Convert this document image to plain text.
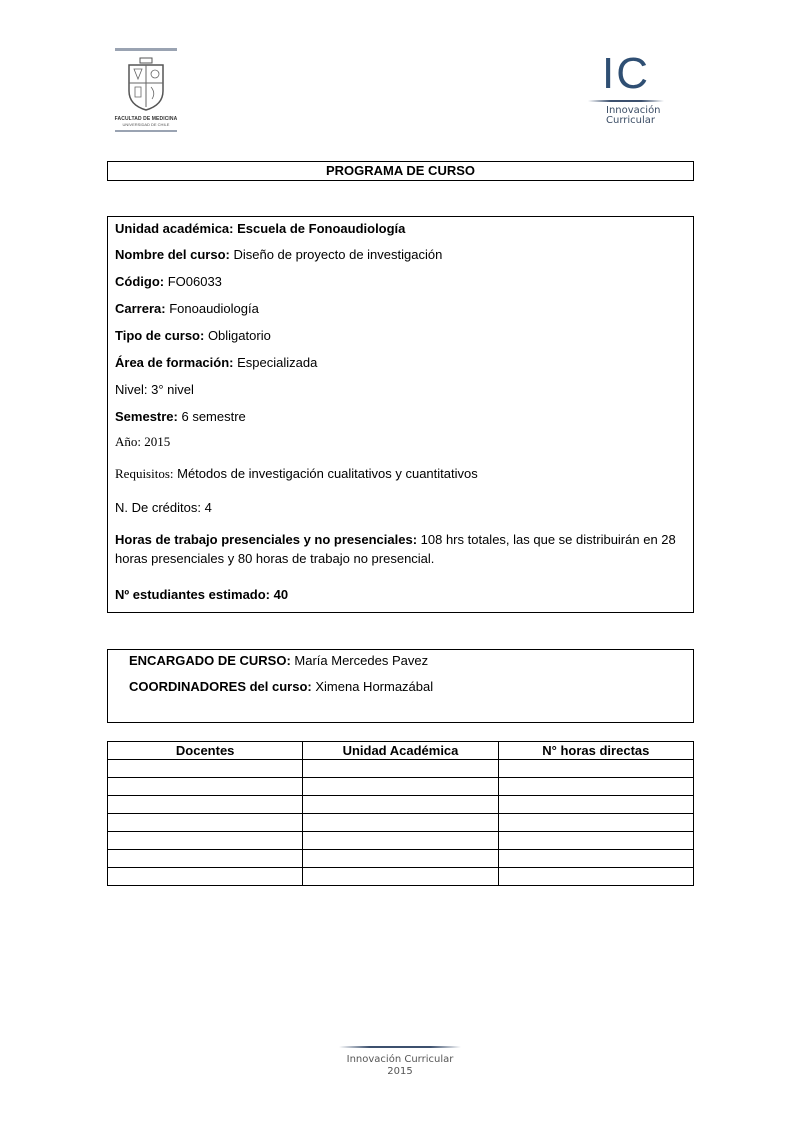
FACULTAD DE MEDICINA
UNIVERSIDAD DE CHILE
IC
Innovación
Curricular
PROGRAMA DE CURSO
Unidad académica: Escuela de Fonoaudiología
Nombre del curso: Diseño de proyecto de investigación
Código: FO06033
Carrera: Fonoaudiología
Tipo de curso: Obligatorio
Área de formación: Especializada
Nivel: 3° nivel
Semestre: 6 semestre
Año: 2015
Requisitos: Métodos de investigación cualitativos y cuantitativos
N. De créditos: 4
Horas de trabajo presenciales y no presenciales: 108 hrs totales, las que se distribuirán en 28
horas presenciales y 80 horas de trabajo no presencial.
Nº estudiantes estimado: 40
ENCARGADO DE CURSO: María Mercedes Pavez
COORDINADORES del curso: Ximena Hormazábal
Docentes	Unidad Académica	N° horas directas

Innovación Curricular
2015
